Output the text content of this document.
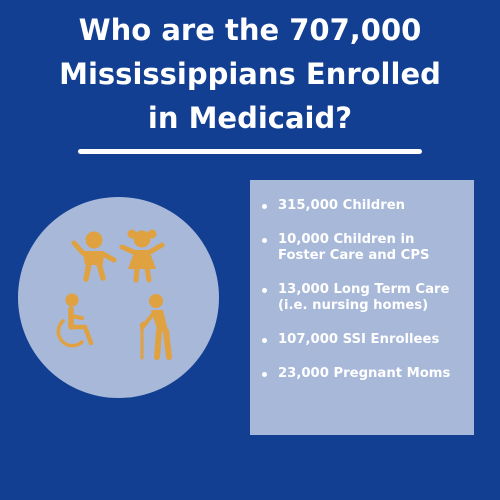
Who are the 707,000
Mississippians Enrolled
in Medicaid?
315,000 Children
10,000 Children in
Foster Care and CPS
13,000 Long Term Care
(i.e. nursing homes)
107,000 SSI Enrollees
23,000 Pregnant Moms
